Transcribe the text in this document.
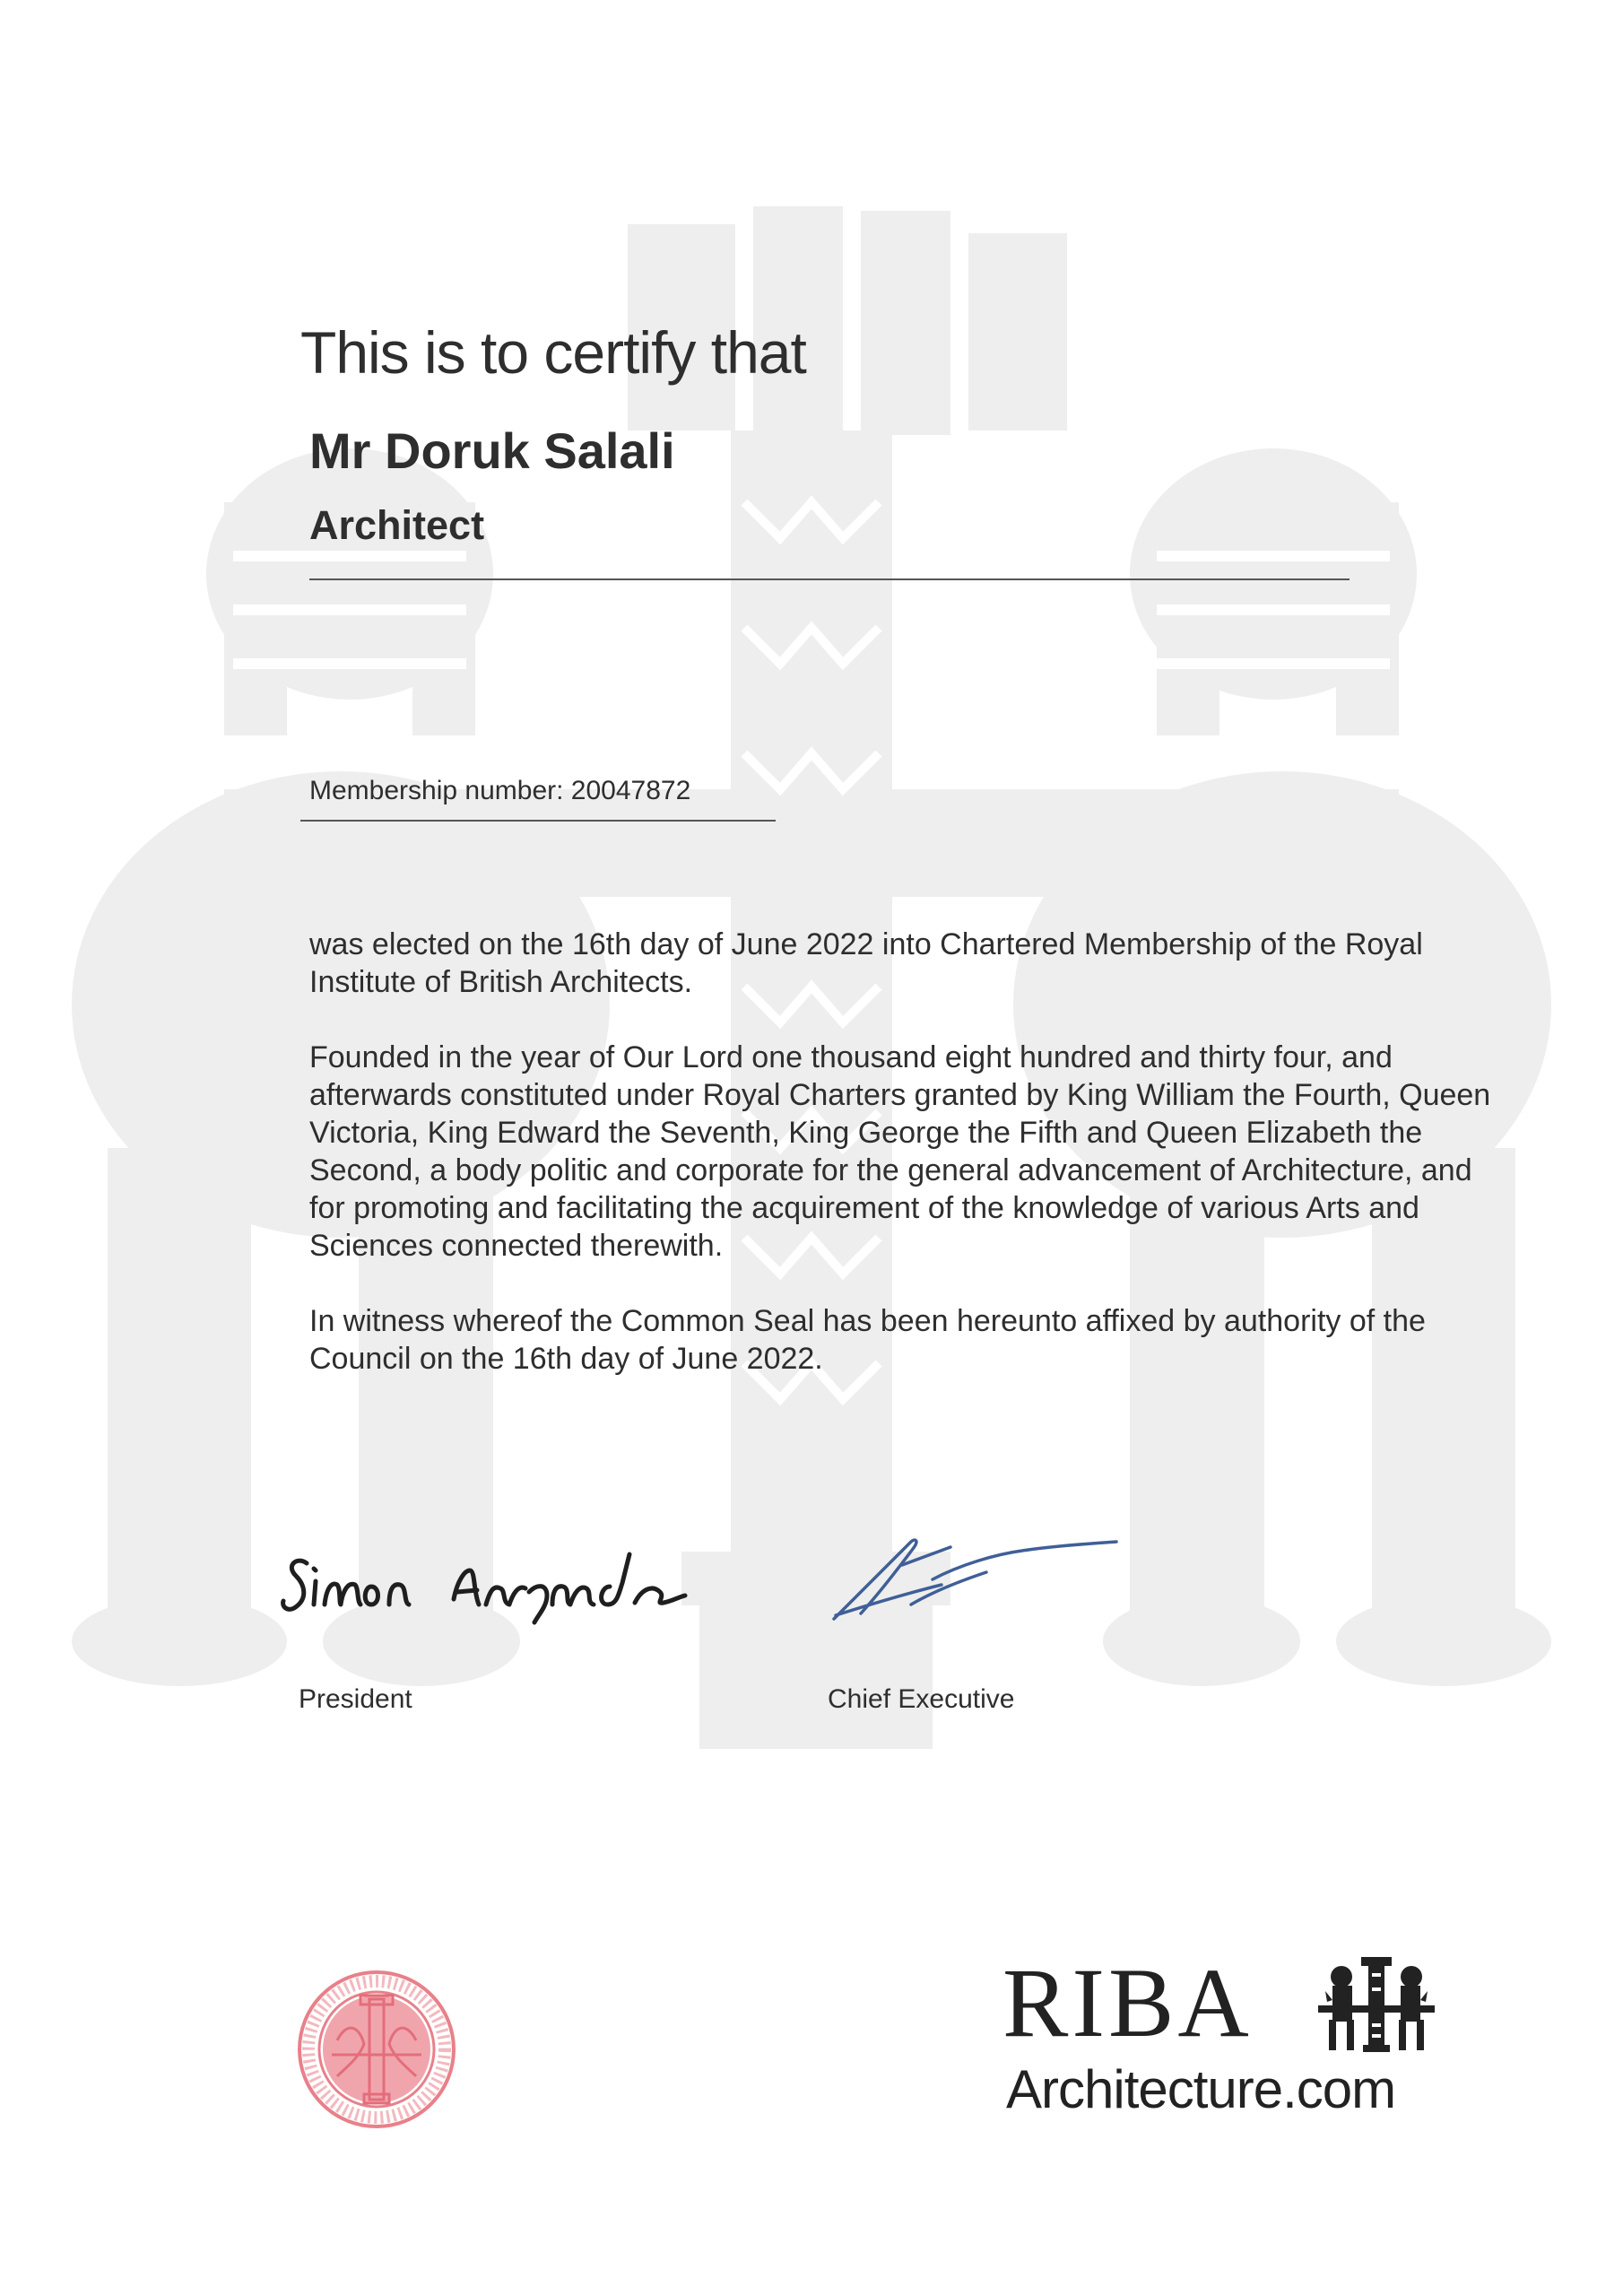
This is to certify that
Mr Doruk Salali
Architect
Membership number: 20047872

was elected on the 16th day of June 2022 into Chartered Membership of the Royal Institute of British Architects.

Founded in the year of Our Lord one thousand eight hundred and thirty four, and afterwards constituted under Royal Charters granted by King William the Fourth, Queen Victoria, King Edward the Seventh, King George the Fifth and Queen Elizabeth the Second, a body politic and corporate for the general advancement of Architecture, and for promoting and facilitating the acquirement of the knowledge of various Arts and Sciences connected therewith.

In witness whereof the Common Seal has been hereunto affixed by authority of the Council on the 16th day of June 2022.

President	Chief Executive
RIBA
Architecture.com
